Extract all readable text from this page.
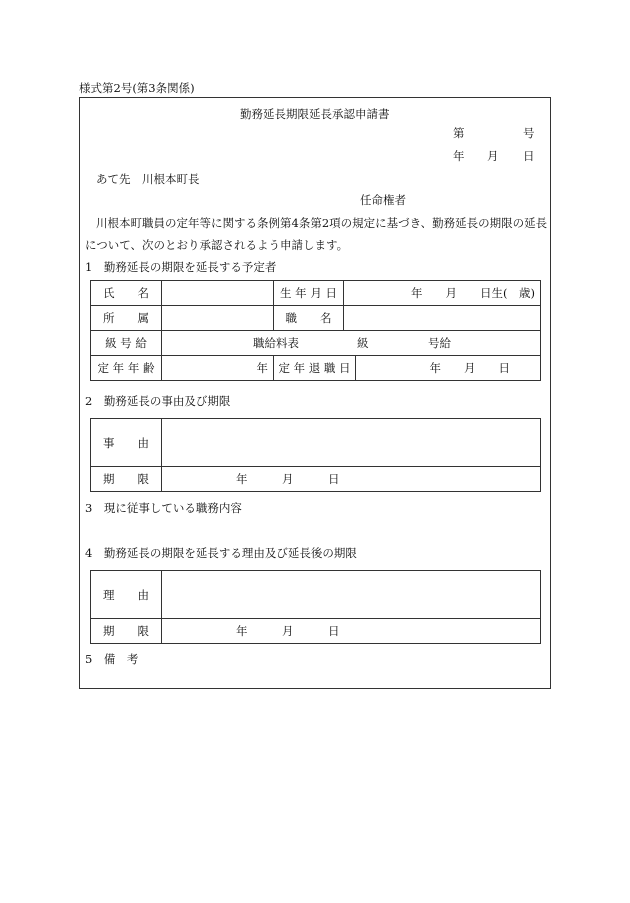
様式第2号(第3条関係)
勤務延長期限延長承認申請書
第	号
年 月 日
あて先　川根本町長
任命権者
川根本町職員の定年等に関する条例第4条第2項の規定に基づき、勤務延長の期限の延長
について、次のとおり承認されるよう申請します。
1　勤務延長の期限を延長する予定者
氏　　名		生 年 月 日	年　　月　　日生(　歳)	
所　　属		職　　名		
級 号 給	職給料表 級 号給			

定 年 年 齢	年	定 年 退 職 日		年　　月　　日
2　勤務延長の事由及び期限
事　　由	
期　　限	年　　　月　　　日
3　現に従事している職務内容
4　勤務延長の期限を延長する理由及び延長後の期限
理　　由	
期　　限	年　　　月　　　日
5　備　考
